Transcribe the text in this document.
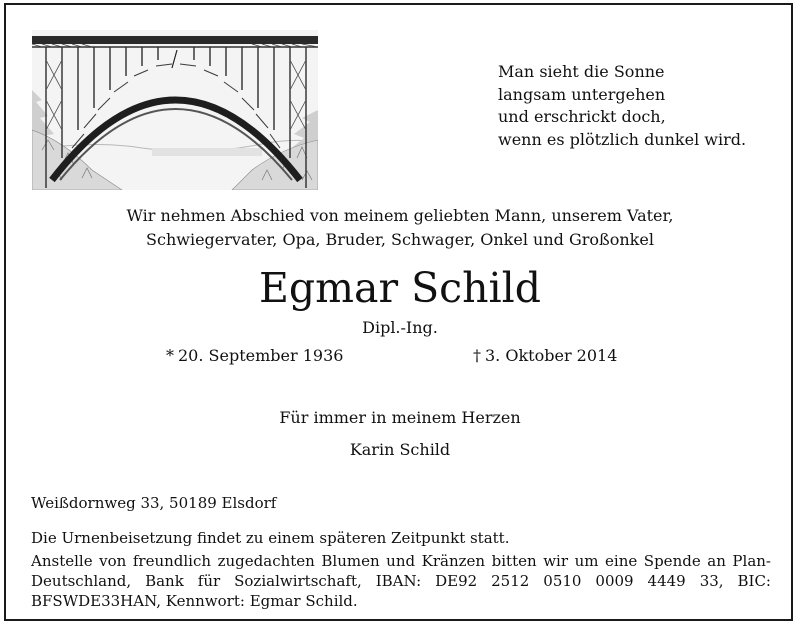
Man sieht die Sonne
langsam untergehen
und erschrickt doch,
wenn es plötzlich dunkel wird.
Wir nehmen Abschied von meinem geliebten Mann, unserem Vater,
Schwiegervater, Opa, Bruder, Schwager, Onkel und Großonkel
Egmar Schild
Dipl.-Ing.
* 20. September 1936	† 3. Oktober 2014
Für immer in meinem Herzen
Karin Schild
Weißdornweg 33, 50189 Elsdorf
Die Urnenbeisetzung findet zu einem späteren Zeitpunkt statt.
Anstelle von freundlich zugedachten Blumen und Kränzen bitten wir um eine Spende an Plan-Deutschland, Bank für Sozialwirtschaft, IBAN: DE92 2512 0510 0009 4449 33, BIC: BFSWDE33HAN, Kennwort: Egmar Schild.
